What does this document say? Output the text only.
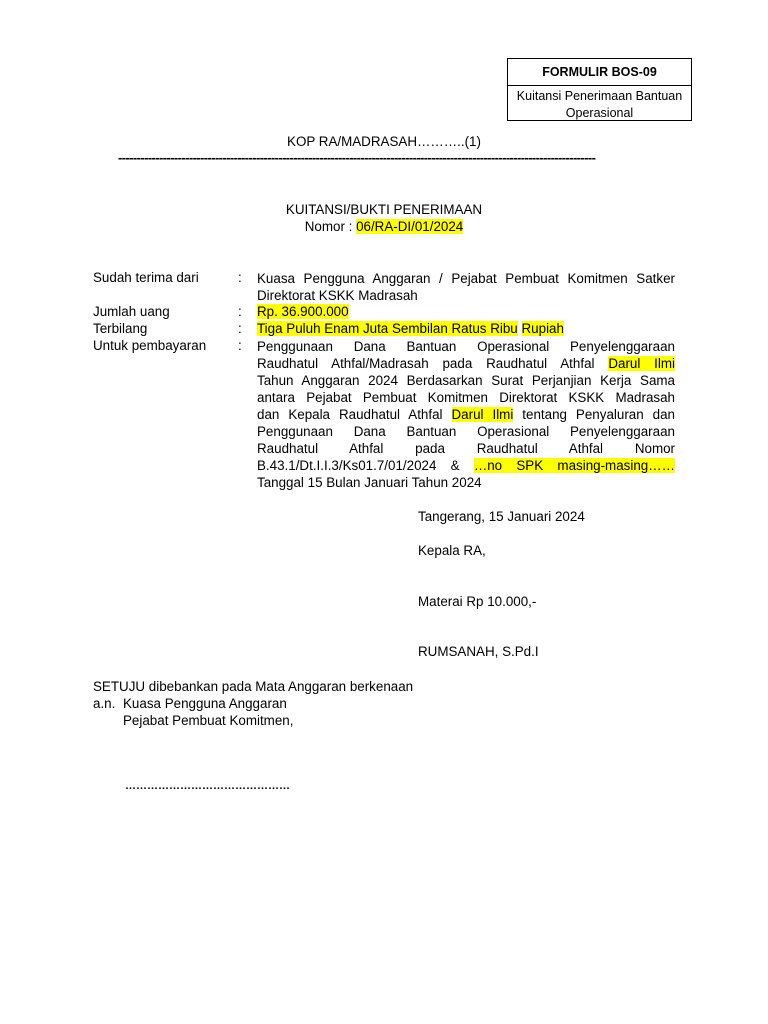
FORMULIR BOS-09
Kuitansi Penerimaan Bantuan
Operasional
KOP RA/MADRASAH………..(1)
--------------------------------------------------------------------------------------------------------------------------------
KUITANSI/BUKTI PENERIMAAN
Nomor : 06/RA-DI/01/2024
Sudah terima dari	: Kuasa Pengguna Anggaran / Pejabat Pembuat Komitmen Satker Direktorat KSKK Madrasah
Jumlah uang	: Rp. 36.900.000
Terbilang	: Tiga Puluh Enam Juta Sembilan Ratus Ribu Rupiah
Untuk pembayaran : Penggunaan Dana Bantuan Operasional Penyelenggaraan

Raudhatul Athfal/Madrasah pada Raudhatul Athfal Darul Ilmi

Tahun Anggaran 2024 Berdasarkan Surat Perjanjian Kerja Sama

antara Pejabat Pembuat Komitmen Direktorat KSKK Madrasah

dan Kepala Raudhatul Athfal Darul Ilmi tentang Penyaluran dan

Penggunaan Dana Bantuan Operasional Penyelenggaraan

Raudhatul Athfal pada Raudhatul Athfal Nomor

B.43.1/Dt.I.I.3/Ks01.7/01/2024 & …no SPK masing-masing……

Tanggal 15 Bulan Januari Tahun 2024

Tangerang, 15 Januari 2024
Kepala RA,
Materai Rp 10.000,-
RUMSANAH, S.Pd.I
SETUJU dibebankan pada Mata Anggaran berkenaan
a.n. Kuasa Pengguna Anggaran
Pejabat Pembuat Komitmen,
………………………………………
